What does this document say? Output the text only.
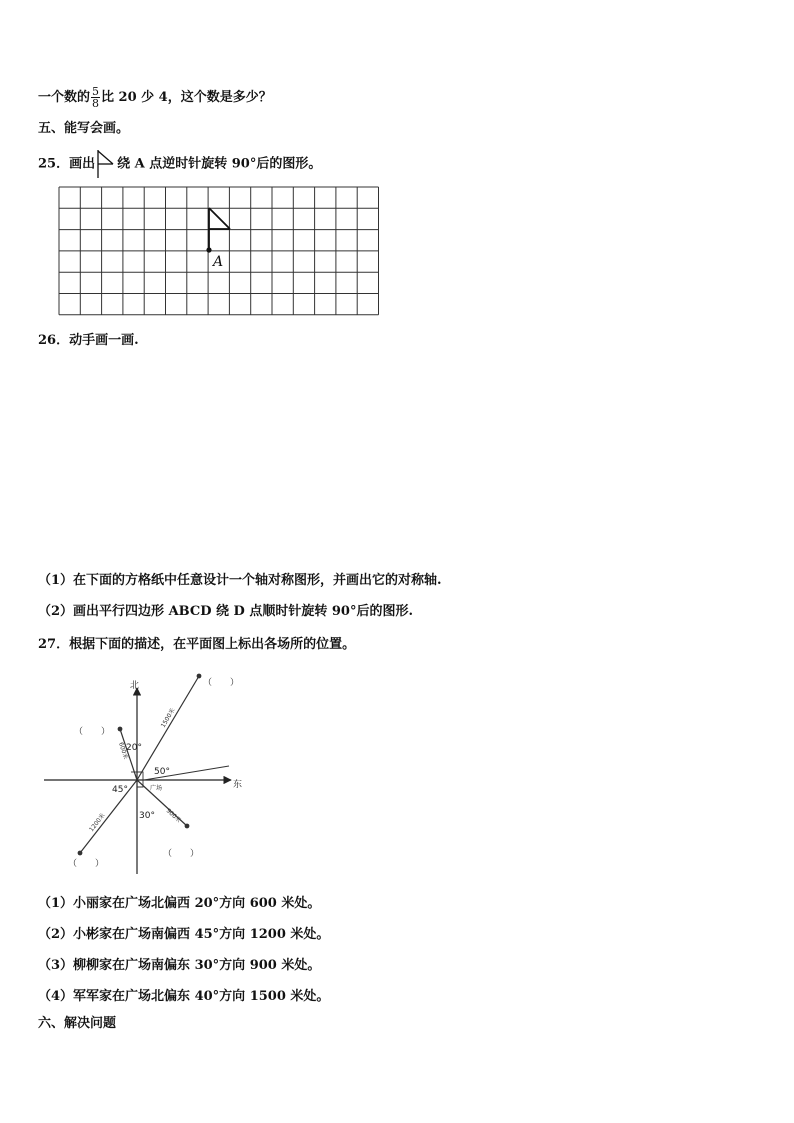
一个数的 $\frac{5}{8}$ 比 20 少 4，这个数是多少？
五、能写会画。
25．画出 绕 A 点逆时针旋转 90°后的图形。
A
26．动手画一画.
（1）在下面的方格纸中任意设计一个轴对称图形，并画出它的对称轴.
（2）画出平行四边形 ABCD 绕 D 点顺时针旋转 90°后的图形.
27．根据下面的描述，在平面图上标出各场所的位置。
北
东
20°
50°
45°
30°
广场
1500米
600米
1200米	900米
（　　）
（　　）
（　　）
（　　）
（1）小丽家在广场北偏西 20°方向 600 米处。
（2）小彬家在广场南偏西 45°方向 1200 米处。
（3）柳柳家在广场南偏东 30°方向 900 米处。
（4）军军家在广场北偏东 40°方向 1500 米处。
六、解决问题
